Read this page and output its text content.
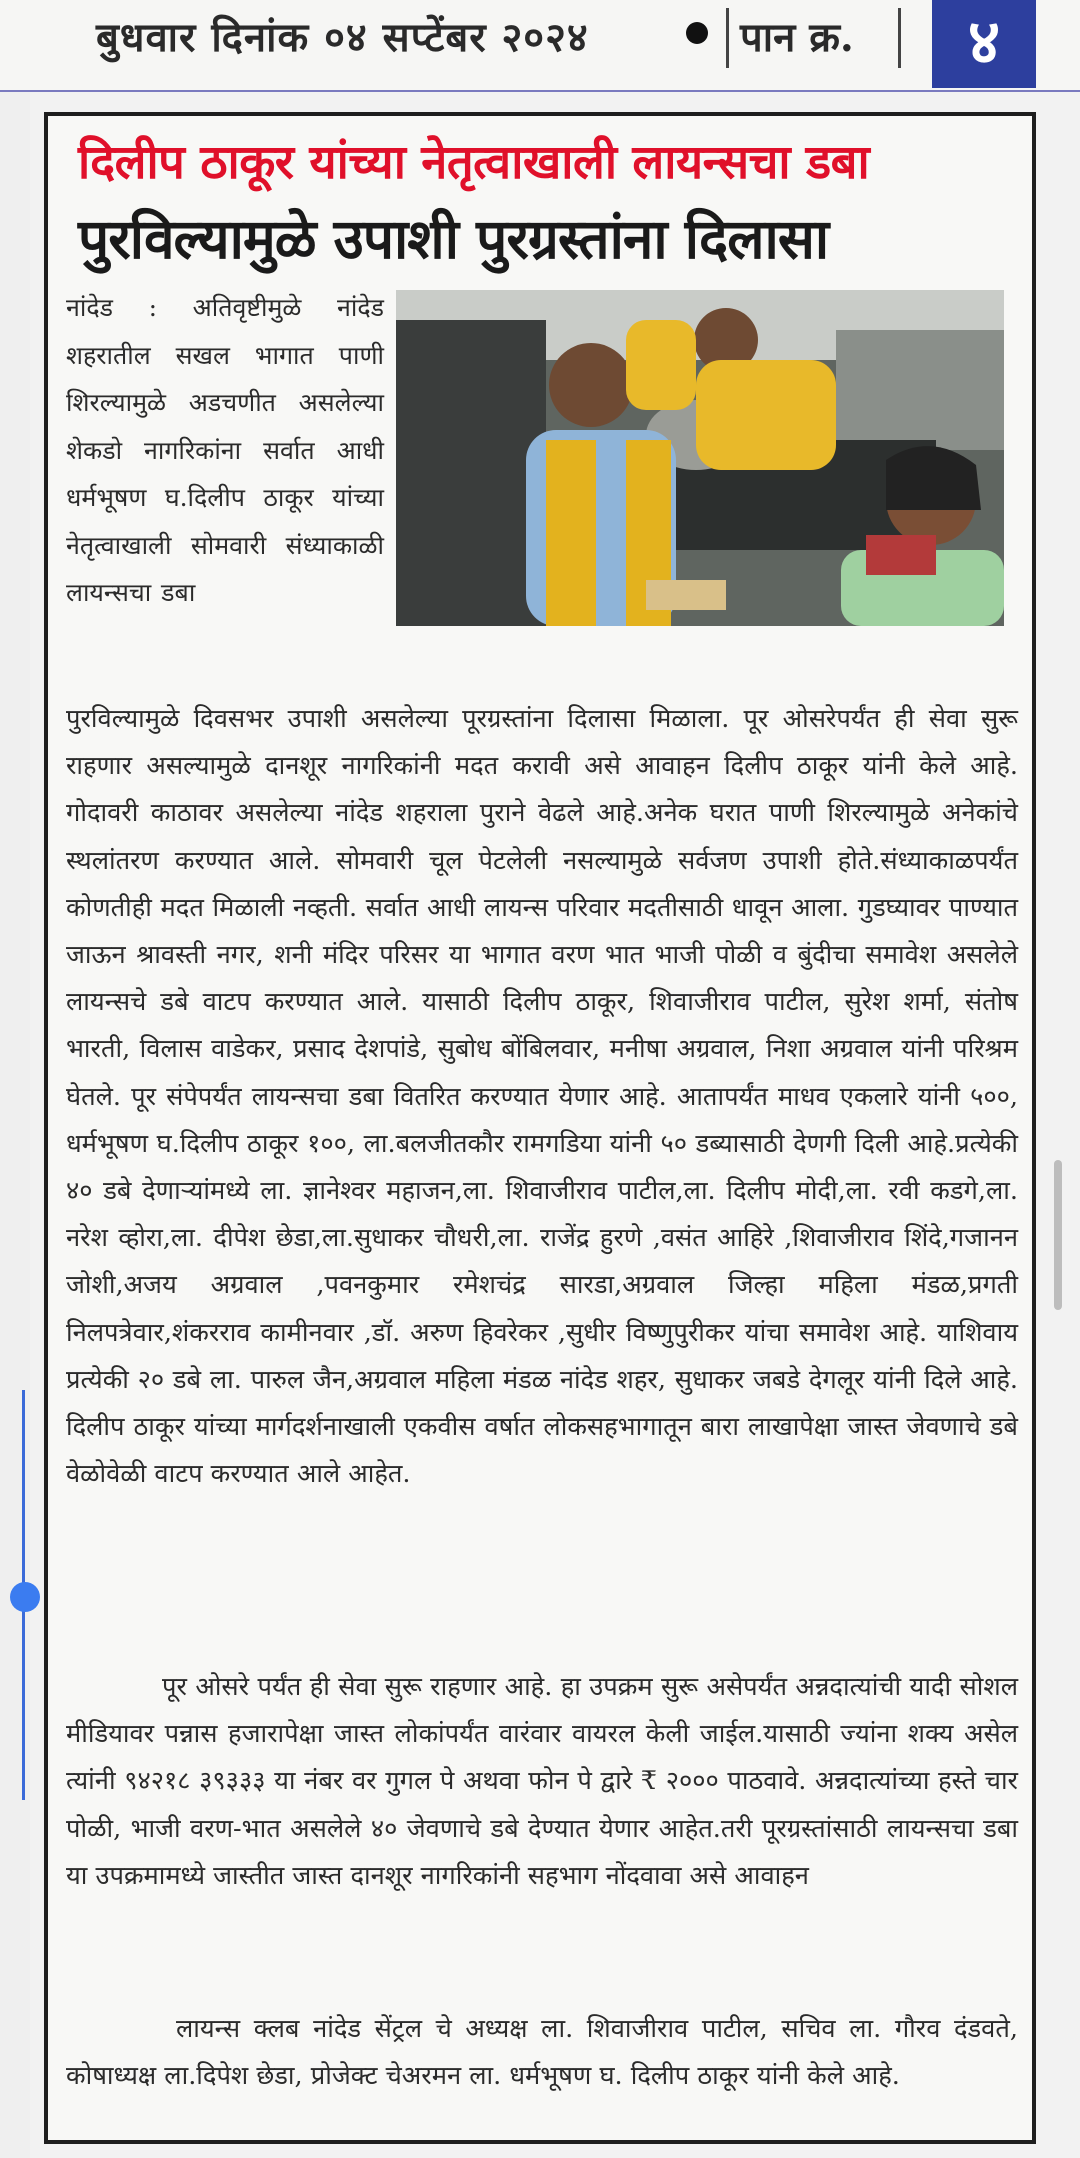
बुधवार दिनांक ०४ सप्टेंबर २०२४	पान क्र.	४
दिलीप ठाकूर यांच्या नेतृत्वाखाली लायन्सचा डबा
पुरविल्यामुळे उपाशी पुरग्रस्तांना दिलासा
नांदेड : अतिवृष्टीमुळे नांदेड शहरातील सखल भागात पाणी शिरल्यामुळे अडचणीत असलेल्या शेकडो नागरिकांना सर्वात आधी धर्मभूषण घ.दिलीप ठाकूर यांच्या नेतृत्वाखाली सोमवारी संध्याकाळी लायन्सचा डबा
पुरविल्यामुळे दिवसभर उपाशी असलेल्या पूरग्रस्तांना दिलासा मिळाला. पूर ओसरेपर्यंत ही सेवा सुरू राहणार असल्यामुळे दानशूर नागरिकांनी मदत करावी असे आवाहन दिलीप ठाकूर यांनी केले आहे. गोदावरी काठावर असलेल्या नांदेड शहराला पुराने वेढले आहे.अनेक घरात पाणी शिरल्यामुळे अनेकांचे स्थलांतरण करण्यात आले. सोमवारी चूल पेटलेली नसल्यामुळे सर्वजण उपाशी होते.संध्याकाळपर्यंत कोणतीही मदत मिळाली नव्हती. सर्वात आधी लायन्स परिवार मदतीसाठी धावून आला. गुडघ्यावर पाण्यात जाऊन श्रावस्ती नगर, शनी मंदिर परिसर या भागात वरण भात भाजी पोळी व बुंदीचा समावेश असलेले लायन्सचे डबे वाटप करण्यात आले. यासाठी दिलीप ठाकूर, शिवाजीराव पाटील, सुरेश शर्मा, संतोष भारती, विलास वाडेकर, प्रसाद देशपांडे, सुबोध बोंबिलवार, मनीषा अग्रवाल, निशा अग्रवाल यांनी परिश्रम घेतले. पूर संपेपर्यंत लायन्सचा डबा वितरित करण्यात येणार आहे. आतापर्यंत माधव एकलारे यांनी ५००, धर्मभूषण घ.दिलीप ठाकूर १००, ला.बलजीतकौर रामगडिया यांनी ५० डब्यासाठी देणगी दिली आहे.प्रत्येकी ४० डबे देणाऱ्यांमध्ये ला. ज्ञानेश्वर महाजन,ला. शिवाजीराव पाटील,ला. दिलीप मोदी,ला. रवी कडगे,ला. नरेश व्होरा,ला. दीपेश छेडा,ला.सुधाकर चौधरी,ला. राजेंद्र हुरणे ,वसंत आहिरे ,शिवाजीराव शिंदे,गजानन जोशी,अजय अग्रवाल ,पवनकुमार रमेशचंद्र सारडा,अग्रवाल जिल्हा महिला मंडळ,प्रगती निलपत्रेवार,शंकरराव कामीनवार ,डॉ. अरुण हिवरेकर ,सुधीर विष्णुपुरीकर यांचा समावेश आहे. याशिवाय प्रत्येकी २० डबे ला. पारुल जैन,अग्रवाल महिला मंडळ नांदेड शहर, सुधाकर जबडे देगलूर यांनी दिले आहे. दिलीप ठाकूर यांच्या मार्गदर्शनाखाली एकवीस वर्षात लोकसहभागातून बारा लाखापेक्षा जास्त जेवणाचे डबे वेळोवेळी वाटप करण्यात आले आहेत.
पूर ओसरे पर्यंत ही सेवा सुरू राहणार आहे. हा उपक्रम सुरू असेपर्यंत अन्नदात्यांची यादी सोशल मीडियावर पन्नास हजारापेक्षा जास्त लोकांपर्यंत वारंवार वायरल केली जाईल.यासाठी ज्यांना शक्य असेल त्यांनी ९४२१८ ३९३३३ या नंबर वर गुगल पे अथवा फोन पे द्वारे ₹ २००० पाठवावे. अन्नदात्यांच्या हस्ते चार पोळी, भाजी वरण-भात असलेले ४० जेवणाचे डबे देण्यात येणार आहेत.तरी पूरग्रस्तांसाठी लायन्सचा डबा या उपक्रमामध्ये जास्तीत जास्त दानशूर नागरिकांनी सहभाग नोंदवावा असे आवाहन
लायन्स क्लब नांदेड सेंट्रल चे अध्यक्ष ला. शिवाजीराव पाटील, सचिव ला. गौरव दंडवते, कोषाध्यक्ष ला.दिपेश छेडा, प्रोजेक्ट चेअरमन ला. धर्मभूषण घ. दिलीप ठाकूर यांनी केले आहे.
